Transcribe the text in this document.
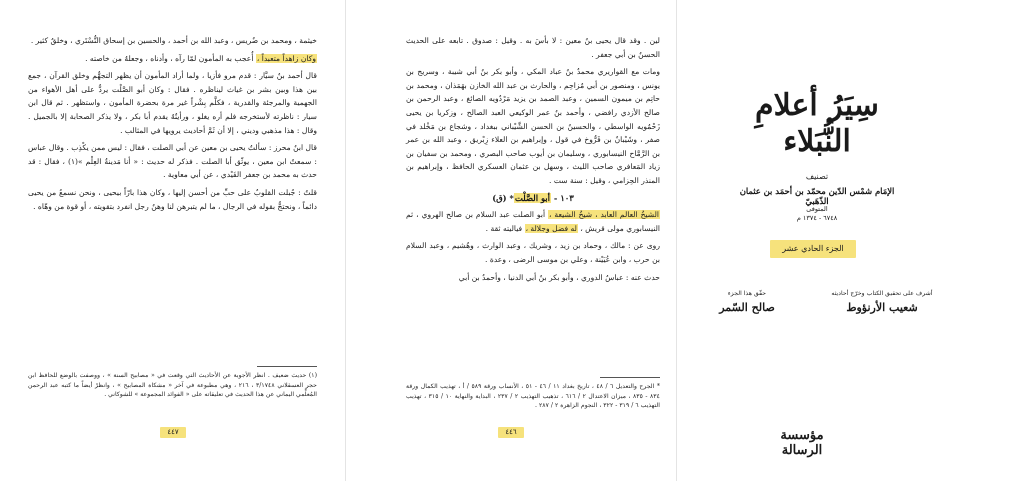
خيثمة ، ومحمد بن ضُريس ، وعبد الله بن أحمد ، والحسين بن إسحاق التُّسْتَري ، وخلقٌ كثير .

وكان زاهداً متعبداً ، أُعجب به المأمون لمّا رآه ، وأدناه ، وجعلهُ من خاصته .

قال أحمد بنُ سيَّار : قدم مرو فأزيا ، ولما أراد المأمون أن يظهر التجهُّم وخلق القرآن ، جمع بين هذا وبين بشر بن غياث ليناظره . فقال : وكان أبو الصَّلْت يردُّ على أهل الأهواء من الجهمية والمرجئة والقدرية ، فكلَّم بِشْراً غير مرة بحضرة المأمون ، واستظهر . ثم قال ابن سيار : ناظرته لأستخرجه فلم أره يغلو ، ورأيتُهُ يقدم أبا بكر ، ولا يذكر الصحابة إلا بالجميل . وقال : هذا مذهبي وديني ، إلا أن ثَمَّ أحاديث يرويها في المثالب .

قال ابنُ محرز : سألتُ يحيى بن معين عن أبي الصلت ، فقال : ليس ممن يكْذِب . وقال عباس : سمعتُ ابن معين ، يوثّق أبا الصلت . فذكر له حديث : « أنا مَدينةُ العِلْم »(١) ، فقال : قد حدث به محمد بن جعفر الفَيْدي ، عن أبي معاوية .

قلتُ : جُبلت القلوبُ على حبِّ من أحسن إليها ، وكان هذا بارّاً بيحيى ، ونحن نسمعُ من يحيى دائماً ، ونحتجُّ بقوله في الرجال ، ما لم يتبرهن لنا وهنُ رجل انفرد بتقويته ، أو قوة من وهّاه .

(١) حديث ضعيف . انظر الأجوبة عن الأحاديث التي وقعت في « مصابيح السنة » ، ووصفت بالوضع للحافظ ابن حجر العسقلاني ٣/١٧٤٨ ، ٢١٦ ، وهي مطبوعة في آخر « مشكاة المصابيح » ، وانظرْ أيضاً ما كتبه عبد الرحمن المُعلِّمي اليماني عن هذا الحديث في تعليقاته على « الفوائد المجموعة » للشوكاني .

٤٤٧

لين . وقد قال يحيى بنُ معين : لا بأسَ به . وقيل : صدوق . تابعه على الحديث الحسنُ بن أبي جعفر .

ومات مع القواريري محمدُ بنُ عباد المكي ، وأبو بكر بنُ أبي شيبة ، وسريج بن يونس ، ومنصور بن أبي مُزاحِم ، والحارث بن عبد الله الخازن بهَمَذان ، ومحمد بن حاتِم بن ميمون السمين ، وعبد الصمد بن يزيد مَرْدُويه الصائغ ، وعبد الرحمن بن صالح الأزدي رافضي ، وأحمد بنُ عمر الوكيعي العبد الصالح ، وزكريا بن يحيى زَحْمُويه الواسطي ، والحسينُ بن الحسن الشَّيْباني ببغداد ، وشجاع بن مَخْلد في صفر ، وشَيْبانُ بن فَرُّوخ في قول ، وإبراهيم بن العلاء زِبْريق ، وعبد الله بن عمر بن الرَّمَّاح النيسابوري ، وسليمان بن أيوب صاحب البصري ، ومحمد بن سفيان بن زياد المَعافري صاحب الليث ، وسهل بن عثمان العسكري الحافظ ، وإبراهيم بن المنذر الحِزامي ، وقيل : سنة ست .

١٠٣ - أبو الصَّلْت* (ق)

الشيخُ العالم العابد ، شيخُ الشيعة ، أبو الصلت عبد السلام بن صالح الهروي ، ثم النيسابوري مولى قريش ، له فضل وجلالة ، فياليته ثقة .

روى عن : مالك ، وحماد بن زيد ، وشريك ، وعبد الوارث ، وهُشيم ، وعبد السلام بن حرب ، وابن عُيَيْنة ، وعلي بن موسى الرضى ، وعدة .

حدث عنه : عباسٌ الدوري ، وأبو بكر بنُ أبي الدنيا ، وأحمدُ بن أبي

* الجرح والتعديل ٦ / ٤٨ ، تاريخ بغداد ١١ / ٤٦ - ٥١ ، الأنساب ورقة ٥٨٩ / أ ، تهذيب الكمال ورقة ٨٣٤ - ٨٣٥ ، ميزان الاعتدال ٢ / ٦١٦ ، تذهيب التهذيب ٢ / ٢٣٧ ، البداية والنهاية ١٠ / ٣١٥ ، تهذيب التهذيب ٦ / ٣١٩ - ٣٢٢ ، النجوم الزاهرة ٢ / ٢٨٧ .

٤٤٦
سِيَرُ أعلامِ النُّبَلاء
تصنيف
الإمَام شمْس الدّين محمّد بن أحمَد بن عثمان الذّهَبيّ
المتوفى
٦٧٤٨ - ١٣٧٤ م
الجزء الحادي عشر
أشرف على تحقيق الكتاب وخرّج أحاديثه
شعيب الأرنؤوط
حقّق هذا الجزء
صالح السّمر
مؤسسة الرسالة
